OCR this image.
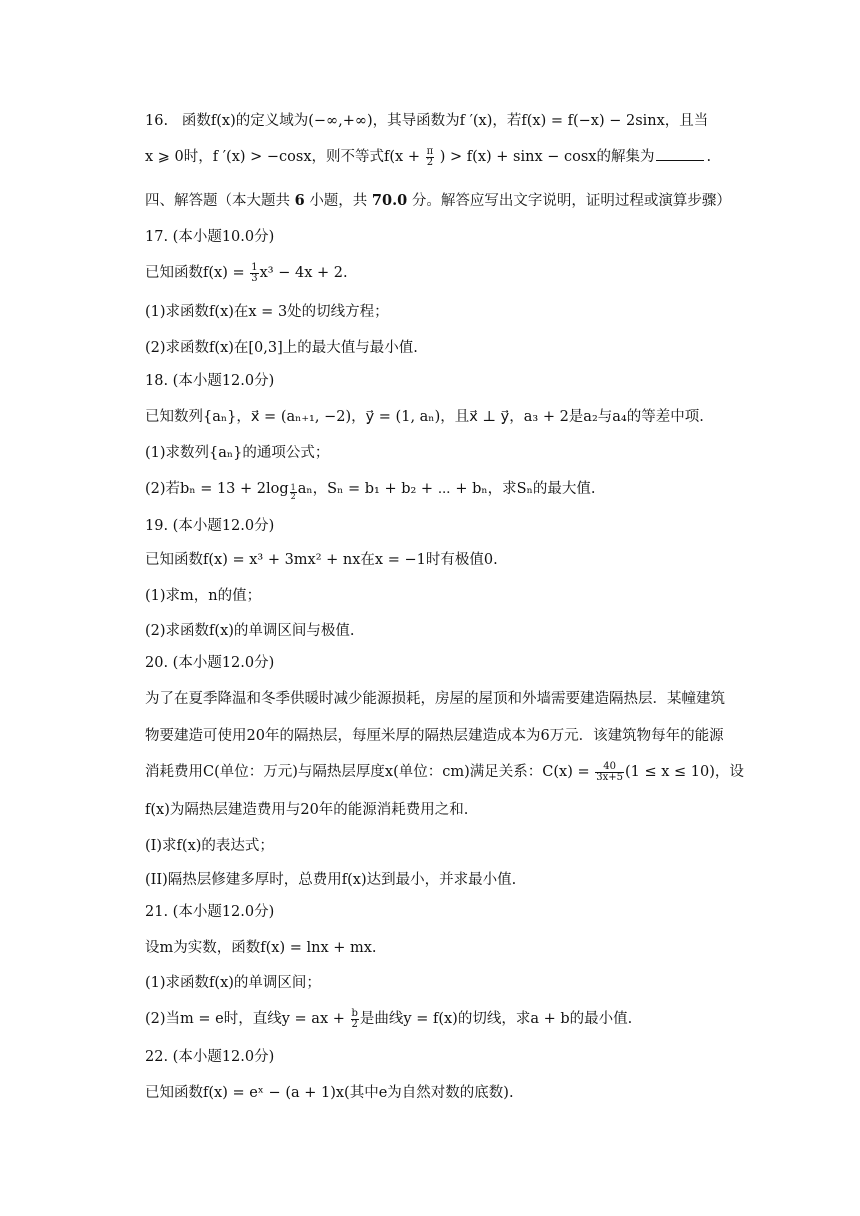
16. 函数f(x)的定义域为(−∞,+∞)，其导函数为f ′(x)，若f(x) = f(−x) − 2sinx，且当
x ⩾ 0时，f ′(x) > −cosx，则不等式$f(x + \frac{\pi}{2}$ ) > f(x) + sinx − cosx的解集为	.
四、解答题（本大题共 6 小题，共 70.0 分。解答应写出文字说明，证明过程或演算步骤）
17. (本小题10.0分)
已知函数$f(x) = \frac{1}{3} x^3 - 4x + 2$.
(1)求函数f(x)在x = 3处的切线方程；
(2)求函数f(x)在[0,3]上的最大值与最小值.
18. (本小题12.0分)
已知数列{aₙ}，x⃗ = (aₙ₊₁, −2)，y⃗ = (1, aₙ)，且x⃗ ⊥ y⃗，a₃ + 2是a₂与a₄的等差中项.
(1)求数列{aₙ}的通项公式；
(2)若$b_n = 13 + 2\log \frac{1}{2}$ aₙ，Sₙ = b₁ + b₂ + ⋯ + bₙ，求Sₙ的最大值.
19. (本小题12.0分)
已知函数f(x) = x³ + 3mx² + nx在x = −1时有极值0.
(1)求m，n的值；
(2)求函数f(x)的单调区间与极值.
20. (本小题12.0分)
为了在夏季降温和冬季供暖时减少能源损耗，房屋的屋顶和外墙需要建造隔热层．某幢建筑
物要建造可使用20年的隔热层，每厘米厚的隔热层建造成本为6万元．该建筑物每年的能源
消耗费用C(单位：万元)与隔热层厚度x(单位：cm)满足关系：$C(x) = \frac{40}{3x+5} (1 \le x \le 10)$，设
f(x)为隔热层建造费用与20年的能源消耗费用之和.
(I)求f(x)的表达式；
(II)隔热层修建多厚时，总费用f(x)达到最小，并求最小值.
21. (本小题12.0分)
设m为实数，函数f(x) = lnx + mx.
(1)求函数f(x)的单调区间；
(2)当m = e时，直线y = ax + $\frac{b}{2}$ 是曲线y = f(x)的切线，求a + b的最小值.
22. (本小题12.0分)
已知函数f(x) = eˣ − (a + 1)x(其中e为自然对数的底数).
